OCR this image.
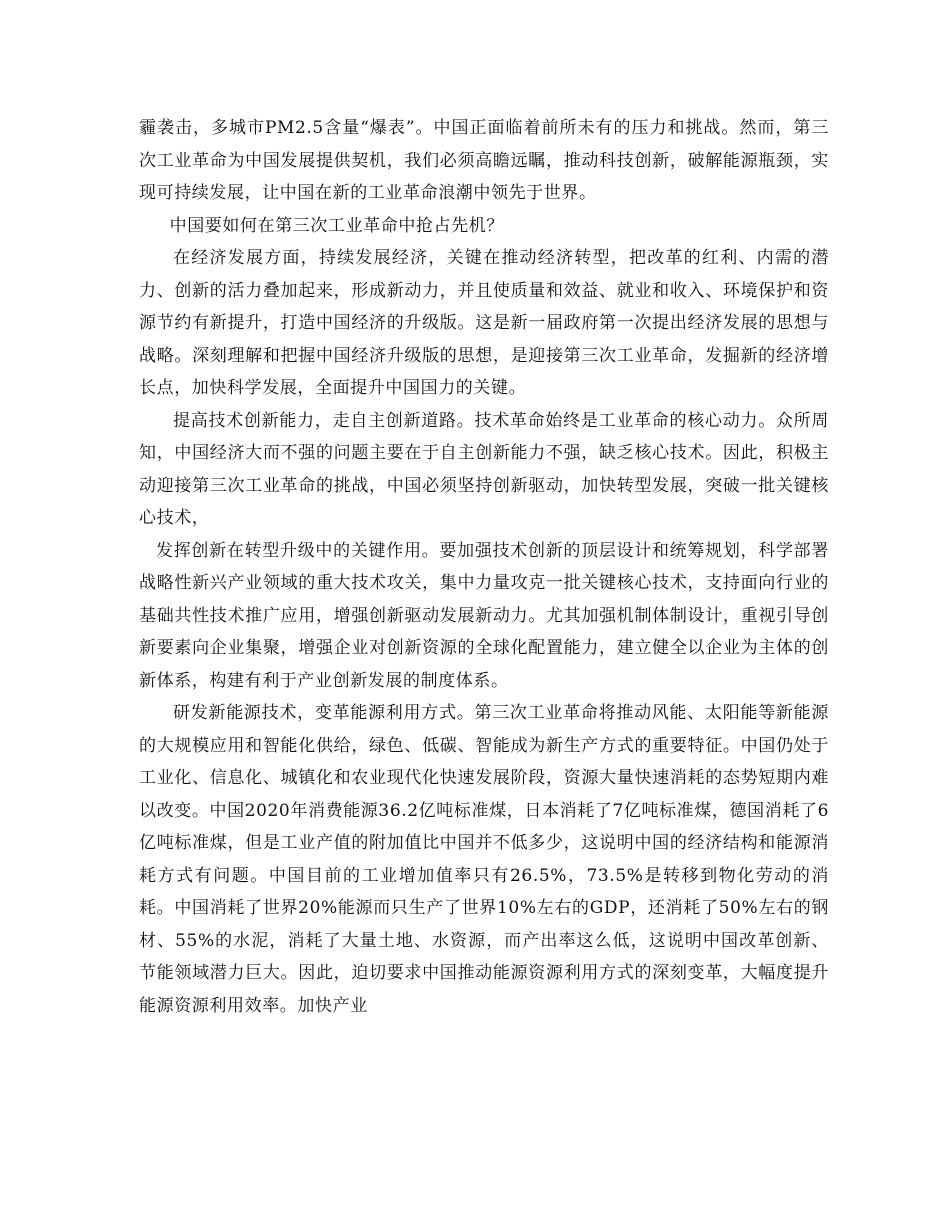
霾袭击，多城市PM2.5含量“爆表”。中国正面临着前所未有的压力和挑战。然而，第三次工业革命为中国发展提供契机，我们必须高瞻远瞩，推动科技创新，破解能源瓶颈，实现可持续发展，让中国在新的工业革命浪潮中领先于世界。

中国要如何在第三次工业革命中抢占先机？

在经济发展方面，持续发展经济，关键在推动经济转型，把改革的红利、内需的潜力、创新的活力叠加起来，形成新动力，并且使质量和效益、就业和收入、环境保护和资源节约有新提升，打造中国经济的升级版。这是新一届政府第一次提出经济发展的思想与战略。深刻理解和把握中国经济升级版的思想，是迎接第三次工业革命，发掘新的经济增长点，加快科学发展，全面提升中国国力的关键。

提高技术创新能力，走自主创新道路。技术革命始终是工业革命的核心动力。众所周知，中国经济大而不强的问题主要在于自主创新能力不强，缺乏核心技术。因此，积极主动迎接第三次工业革命的挑战，中国必须坚持创新驱动，加快转型发展，突破一批关键核心技术，

发挥创新在转型升级中的关键作用。要加强技术创新的顶层设计和统筹规划，科学部署战略性新兴产业领域的重大技术攻关，集中力量攻克一批关键核心技术，支持面向行业的基础共性技术推广应用，增强创新驱动发展新动力。尤其加强机制体制设计，重视引导创新要素向企业集聚，增强企业对创新资源的全球化配置能力，建立健全以企业为主体的创新体系，构建有利于产业创新发展的制度体系。

研发新能源技术，变革能源利用方式。第三次工业革命将推动风能、太阳能等新能源的大规模应用和智能化供给，绿色、低碳、智能成为新生产方式的重要特征。中国仍处于工业化、信息化、城镇化和农业现代化快速发展阶段，资源大量快速消耗的态势短期内难以改变。中国2020年消费能源36.2亿吨标准煤，日本消耗了7亿吨标准煤，德国消耗了6亿吨标准煤，但是工业产值的附加值比中国并不低多少，这说明中国的经济结构和能源消耗方式有问题。中国目前的工业增加值率只有26.5%，73.5%是转移到物化劳动的消耗。中国消耗了世界20%能源而只生产了世界10%左右的GDP，还消耗了50%左右的钢材、55%的水泥，消耗了大量土地、水资源，而产出率这么低，这说明中国改革创新、节能领域潜力巨大。因此，迫切要求中国推动能源资源利用方式的深刻变革，大幅度提升能源资源利用效率。加快产业
